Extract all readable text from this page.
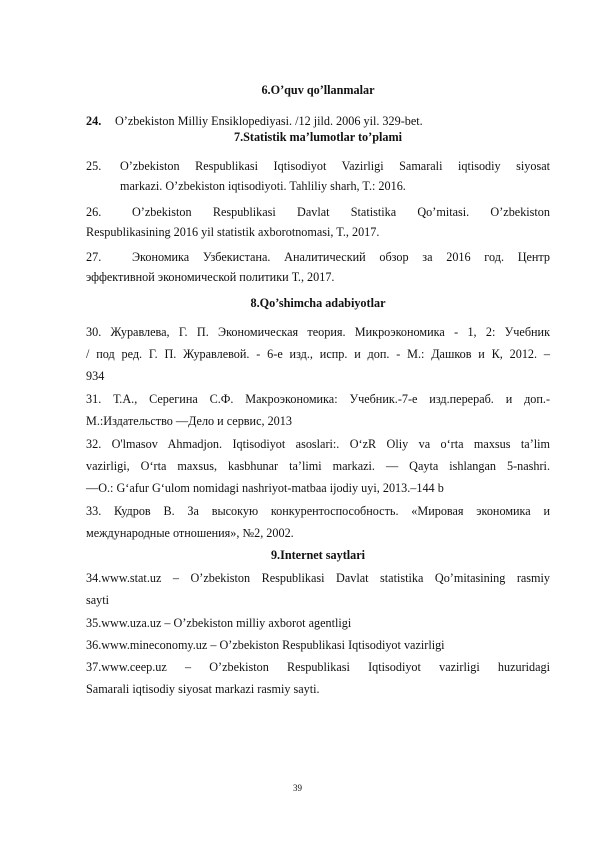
6.O’quv qo’llanmalar
24. O’zbekiston Milliy Ensiklopediyasi. /12 jild. 2006 yil. 329-bet.
7.Statistik ma’lumotlar to’plami
25. O’zbekiston Respublikasi Iqtisodiyot Vazirligi Samarali iqtisodiy siyosat
markazi. O’zbekiston iqtisodiyoti. Tahliliy sharh, T.: 2016.
26.	O’zbekiston Respublikasi Davlat Statistika Qo’mitasi. O’zbekiston
Respublikasining 2016 yil statistik axborotnomasi, T., 2017.
27.	Экономика Узбекистана. Аналитический обзор за 2016 год. Центр
эффективной экономической политики Т., 2017.
8.Qo’shimcha adabiyotlar
30. Журавлева, Г. П. Экономическая теория. Микроэкономика - 1, 2: Учебник
/ под ред. Г. П. Журавлевой. - 6-е изд., испр. и доп. - М.: Дашков и К, 2012. –
934
31. Т.А., Серегина С.Ф. Макроэкономика: Учебник.-7-е изд.перераб. и доп.-
М.:Издательство ―Дело и сервис, 2013
32. O'lmasov Ahmadjon. Iqtisodiyot asoslari:. O‘zR Oliy va o‘rta maxsus ta’lim
vazirligi, O‘rta maxsus, kasbhunar ta’limi markazi. ― Qayta ishlangan 5-nashri.
―O.: G‘afur G‘ulom nomidagi nashriyot-matbaa ijodiy uyi, 2013.–144 b
33. Кудров В. За высокую конкурентоспособность. «Мировая экономика и
международные отношения», №2, 2002.
9.Internet saytlari
34.www.stat.uz – O’zbekiston Respublikasi Davlat statistika Qo’mitasining rasmiy
sayti
35.www.uza.uz – O’zbekiston milliy axborot agentligi
36.www.mineconomy.uz – O’zbekiston Respublikasi Iqtisodiyot vazirligi
37.www.ceep.uz – O’zbekiston Respublikasi Iqtisodiyot vazirligi huzuridagi
Samarali iqtisodiy siyosat markazi rasmiy sayti.
39
